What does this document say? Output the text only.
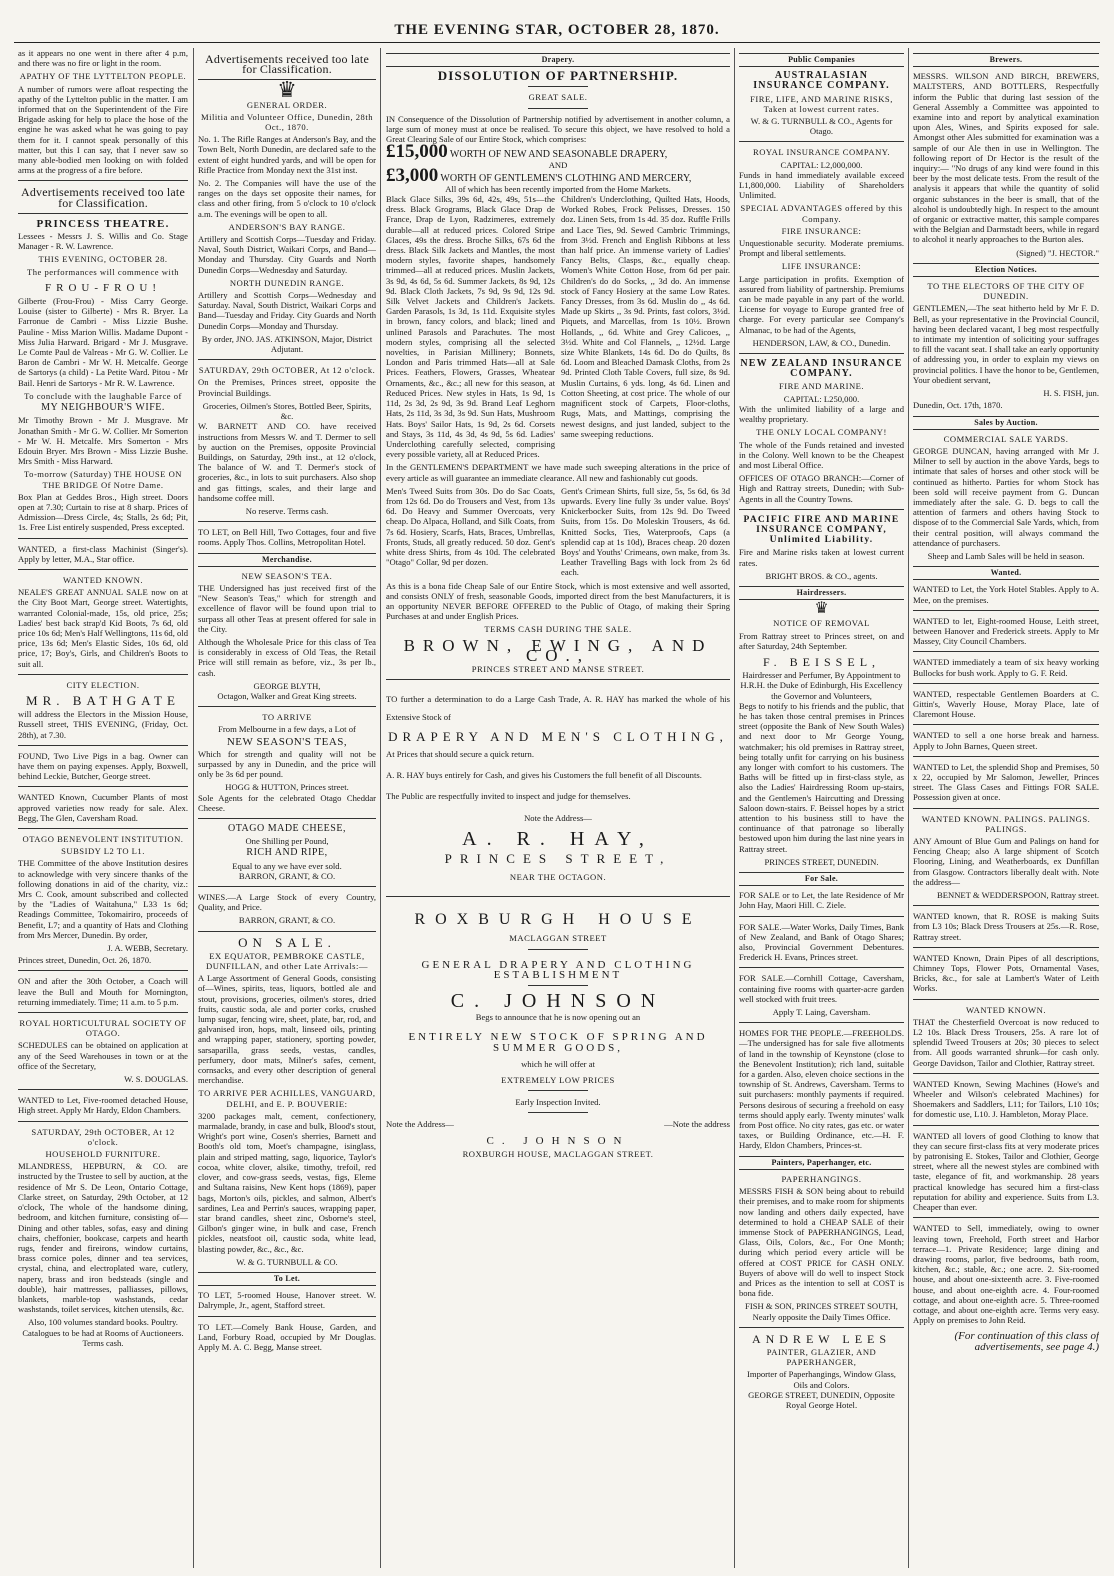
THE EVENING STAR, OCTOBER 28, 1870.

as it appears no one went in there after 4 p.m, and there was no fire or light in the room.

APATHY OF THE LYTTELTON PEOPLE.

A number of rumors were afloat respecting the apathy of the Lyttelton public in the matter. I am informed that on the Superintendent of the Fire Brigade asking for help to place the hose of the engine he was asked what he was going to pay them for it. I cannot speak personally of this matter, but this I can say, that I never saw so many able-bodied men looking on with folded arms at the progress of a fire before.

Advertisements received too late for Classification.
PRINCESS THEATRE.

Lessees - Messrs J. S. Willis and Co. Stage Manager - R. W. Lawrence.

THIS EVENING, OCTOBER 28.
The performances will commence with
FROU-FROU!

Gilberte (Frou-Frou) - Miss Carry George. Louise (sister to Gilberte) - Mrs R. Bryer. La Farronue de Cambri - Miss Lizzie Bushe. Pauline - Miss Marion Willis. Madame Dupont - Miss Julia Harward. Brigard - Mr J. Musgrave. Le Comte Paul de Valreas - Mr G. W. Collier. Le Baron de Cambri - Mr W. H. Metcalfe. George de Sartorys (a child) - La Petite Ward. Pitou - Mr Bail. Henri de Sartorys - Mr R. W. Lawrence.

To conclude with the laughable Farce of
MY NEIGHBOUR'S WIFE.

Mr Timothy Brown - Mr J. Musgrave. Mr Jonathan Smith - Mr G. W. Collier. Mr Somerton - Mr W. H. Metcalfe. Mrs Somerton - Mrs Edouin Bryer. Mrs Brown - Miss Lizzie Bushe. Mrs Smith - Miss Harward.

To-morrow (Saturday) THE HOUSE ON THE BRIDGE Of Notre Dame.

Box Plan at Geddes Bros., High street. Doors open at 7.30; Curtain to rise at 8 sharp. Prices of Admission—Dress Circle, 4s; Stalls, 2s 6d; Pit, 1s. Free List entirely suspended, Press excepted.

WANTED, a first-class Machinist (Singer's). Apply by letter, M.A., Star office.

WANTED KNOWN.

NEALE'S GREAT ANNUAL SALE now on at the City Boot Mart, George street. Watertights, warranted Colonial-made, 15s, old price, 25s; Ladies' best back strap'd Kid Boots, 7s 6d, old price 10s 6d; Men's Half Wellingtons, 11s 6d, old price, 13s 6d; Men's Elastic Sides, 10s 6d, old price, 17; Boy's, Girls, and Children's Boots to suit all.

CITY ELECTION.
MR. BATHGATE

will address the Electors in the Mission House, Russell street, THIS EVENING, (Friday, Oct. 28th), at 7.30.

FOUND, Two Live Pigs in a bag. Owner can have them on paying expenses. Apply, Boxwell, behind Leckie, Butcher, George street.

WANTED Known, Cucumber Plants of most approved varieties now ready for sale. Alex. Begg, The Glen, Caversham Road.

OTAGO BENEVOLENT INSTITUTION.
SUBSIDY L2 TO L1.

THE Committee of the above Institution desires to acknowledge with very sincere thanks of the following donations in aid of the charity, viz.: Mrs C. Cook, amount subscribed and collected by the "Ladies of Waitahuna," L33 1s 6d; Readings Committee, Tokomairiro, proceeds of Benefit, L7; and a quantity of Hats and Clothing from Mrs Mercer, Dunedin. By order,

J. A. WEBB, Secretary.

Princes street, Dunedin, Oct. 26, 1870.

ON and after the 30th October, a Coach will leave the Bull and Mouth for Mornington, returning immediately. Time; 11 a.m. to 5 p.m.

ROYAL HORTICULTURAL SOCIETY OF OTAGO.

SCHEDULES can be obtained on application at any of the Seed Warehouses in town or at the office of the Secretary,

W. S. DOUGLAS.

WANTED to Let, Five-roomed detached House, High street. Apply Mr Hardy, Eldon Chambers.

SATURDAY, 29th OCTOBER, At 12 o'clock.
HOUSEHOLD FURNITURE.

MLANDRESS, HEPBURN, & CO. are instructed by the Trustee to sell by auction, at the residence of Mr S. De Leon, Ontario Cottage, Clarke street, on Saturday, 29th October, at 12 o'clock, The whole of the handsome dining, bedroom, and kitchen furniture, consisting of—Dining and other tables, sofas, easy and dining chairs, cheffonier, bookcase, carpets and hearth rugs, fender and fireirons, window curtains, brass cornice poles, dinner and tea services, crystal, china, and electroplated ware, cutlery, napery, brass and iron bedsteads (single and double), hair mattresses, palliasses, pillows, blankets, marble-top washstands, cedar washstands, toilet services, kitchen utensils, &c.

Also, 100 volumes standard books. Poultry.
Catalogues to be had at Rooms of Auctioneers.
Terms cash.
Advertisements received too late for Classification.
♛
GENERAL ORDER.
Militia and Volunteer Office, Dunedin, 28th Oct., 1870.

No. 1. The Rifle Ranges at Anderson's Bay, and the Town Belt, North Dunedin, are declared safe to the extent of eight hundred yards, and will be open for Rifle Practice from Monday next the 31st inst.

No. 2. The Companies will have the use of the ranges on the days set opposite their names, for class and other firing, from 5 o'clock to 10 o'clock a.m. The evenings will be open to all.

ANDERSON'S BAY RANGE.

Artillery and Scottish Corps—Tuesday and Friday. Naval, South District, Waikari Corps, and Band—Monday and Thursday. City Guards and North Dunedin Corps—Wednesday and Saturday.

NORTH DUNEDIN RANGE.

Artillery and Scottish Corps—Wednesday and Saturday. Naval, South District, Waikari Corps and Band—Tuesday and Friday. City Guards and North Dunedin Corps—Monday and Thursday.

By order, JNO. JAS. ATKINSON, Major, District Adjutant.
SATURDAY, 29th OCTOBER, At 12 o'clock.

On the Premises, Princes street, opposite the Provincial Buildings.

Groceries, Oilmen's Stores, Bottled Beer, Spirits, &c.

W. BARNETT AND CO. have received instructions from Messrs W. and T. Dermer to sell by auction on the Premises, opposite Provincial Buildings, on Saturday, 29th inst., at 12 o'clock, The balance of W. and T. Dermer's stock of groceries, &c., in lots to suit purchasers. Also shop and gas fittings, scales, and their large and handsome coffee mill.

No reserve. Terms cash.

TO LET, on Bell Hill, Two Cottages, four and five rooms. Apply Thos. Collins, Metropolitan Hotel.

Merchandise.
NEW SEASON'S TEA.

THE Undersigned has just received first of the "New Season's Teas," which for strength and excellence of flavor will be found upon trial to surpass all other Teas at present offered for sale in the City.

Although the Wholesale Price for this class of Tea is considerably in excess of Old Teas, the Retail Price will still remain as before, viz., 3s per lb., cash.

GEORGE BLYTH,
Octagon, Walker and Great King streets.
TO ARRIVE
From Melbourne in a few days, a Lot of
NEW SEASON'S TEAS,

Which for strength and quality will not be surpassed by any in Dunedin, and the price will only be 3s 6d per pound.

HOGG & HUTTON, Princes street.

Sole Agents for the celebrated Otago Cheddar Cheese.

OTAGO MADE CHEESE,
One Shilling per Pound,
RICH AND RIPE,
Equal to any we have ever sold.
BARRON, GRANT, & CO.

WINES.—A Large Stock of every Country, Quality, and Price.

BARRON, GRANT, & CO.
ON SALE.
EX EQUATOR, PEMBROKE CASTLE, DUNFILLAN, and other Late Arrivals:—

A Large Assortment of General Goods, consisting of—Wines, spirits, teas, liquors, bottled ale and stout, provisions, groceries, oilmen's stores, dried fruits, caustic soda, ale and porter corks, crushed lump sugar, fencing wire, sheet, plate, bar, rod, and galvanised iron, hops, malt, linseed oils, printing and wrapping paper, stationery, sporting powder, sarsaparilla, grass seeds, vestas, candles, perfumery, door mats, Milner's safes, cement, cornsacks, and every other description of general merchandise.

TO ARRIVE PER ACHILLES, VANGUARD, DELHI, and E. P. BOUVERIE:

3200 packages malt, cement, confectionery, marmalade, brandy, in case and bulk, Blood's stout, Wright's port wine, Cosen's sherries, Barnett and Booth's old tom, Moet's champagne, isinglass, plain and striped matting, sago, liquorice, Taylor's cocoa, white clover, alsike, timothy, trefoil, red clover, and cow-grass seeds, vestas, figs, Eleme and Sultana raisins, New Kent hops (1869), paper bags, Morton's oils, pickles, and salmon, Albert's sardines, Lea and Perrin's sauces, wrapping paper, star brand candles, sheet zinc, Osborne's steel, Gilbon's ginger wine, in bulk and case, French pickles, neatsfoot oil, caustic soda, white lead, blasting powder, &c., &c., &c.

W. & G. TURNBULL & CO.
To Let.

TO LET, 5-roomed House, Hanover street. W. Dalrymple, Jr., agent, Stafford street.

TO LET.—Comely Bank House, Garden, and Land, Forbury Road, occupied by Mr Douglas. Apply M. A. C. Begg, Manse street.

Drapery.
DISSOLUTION OF PARTNERSHIP.
GREAT SALE.

IN Consequence of the Dissolution of Partnership notified by advertisement in another column, a large sum of money must at once be realised. To secure this object, we have resolved to hold a Great Clearing Sale of our Entire Stock, which comprises:

£15,000 WORTH OF NEW AND SEASONABLE DRAPERY,
AND
£3,000 WORTH OF GENTLEMEN'S CLOTHING AND MERCERY,
All of which has been recently imported from the Home Markets.

Black Glace Silks, 39s 6d, 42s, 49s, 51s—the dress. Black Grograms, Black Glace Drap de France, Drap de Lyon, Radzimeres, extremely durable—all at reduced prices. Colored Stripe Glaces, 49s the dress. Broche Silks, 67s 6d the dress. Black Silk Jackets and Mantles, the most modern styles, favorite shapes, handsomely trimmed—all at reduced prices. Muslin Jackets, 3s 9d, 4s 6d, 5s 6d. Summer Jackets, 8s 9d, 12s 9d. Black Cloth Jackets, 7s 9d, 9s 9d, 12s 9d. Silk Velvet Jackets and Children's Jackets. Garden Parasols, 1s 3d, 1s 11d. Exquisite styles in brown, fancy colors, and black; lined and unlined Parasols and Parachutes. The most modern styles, comprising all the selected novelties, in Parisian Millinery; Bonnets, London and Paris trimmed Hats—all at Sale Prices. Feathers, Flowers, Grasses, Wheatear Ornaments, &c., &c.; all new for this season, at Reduced Prices. New styles in Hats, 1s 9d, 1s 11d, 2s 3d, 2s 9d, 3s 9d. Brand Leaf Leghorn Hats, 2s 11d, 3s 3d, 3s 9d. Sun Hats, Mushroom Hats. Boys' Sailor Hats, 1s 9d, 2s 6d. Corsets and Stays, 3s 11d, 4s 3d, 4s 9d, 5s 6d. Ladies' Underclothing carefully selected, comprising every possible variety, all at Reduced Prices.

Children's Underclothing, Quilted Hats, Hoods, Worked Robes, Frock Pelisses, Dresses. 150 doz. Linen Sets, from 1s 4d. 35 doz. Ruffle Frills and Lace Ties, 9d. Sewed Cambric Trimmings, from 3½d. French and English Ribbons at less than half price. An immense variety of Ladies' Fancy Belts, Clasps, &c., equally cheap. Women's White Cotton Hose, from 6d per pair. Children's do do Socks, ,, 3d do. An immense stock of Fancy Hosiery at the same Low Rates. Fancy Dresses, from 3s 6d. Muslin do ,, 4s 6d. Made up Skirts ,, 3s 9d. Prints, fast colors, 3½d. Piquets, and Marcellas, from 1s 10½. Brown Hollands, ,, 6d. White and Grey Calicoes, ,, 3½d. White and Col Flannels, ,, 12½d. Large size White Blankets, 14s 6d. Do do Quilts, 8s 6d. Loom and Bleached Damask Cloths, from 2s 9d. Printed Cloth Table Covers, full size, 8s 9d. Muslin Curtains, 6 yds. long, 4s 6d. Linen and Cotton Sheeting, at cost price. The whole of our magnificent stock of Carpets, Floor-cloths, Rugs, Mats, and Mattings, comprising the newest designs, and just landed, subject to the same sweeping reductions.

In the GENTLEMEN'S DEPARTMENT we have made such sweeping alterations in the price of every article as will guarantee an immediate clearance. All new and fashionably cut goods.

Men's Tweed Suits from 30s. Do do Sac Coats, from 12s 6d. Do do Trousers and Vest, from 13s 6d. Do Heavy and Summer Overcoats, very cheap. Do Alpaca, Holland, and Silk Coats, from 7s 6d. Hosiery, Scarfs, Hats, Braces, Umbrellas, Fronts, Studs, all greatly reduced. 50 doz. Gent's white dress Shirts, from 4s 10d. The celebrated "Otago" Collar, 9d per dozen.

Gent's Crimean Shirts, full size, 5s, 5s 6d, 6s 3d upwards. Every line fully 3s under value. Boys' Knickerbocker Suits, from 12s 9d. Do Tweed Suits, from 15s. Do Moleskin Trousers, 4s 6d. Knitted Socks, Ties, Waterproofs, Caps (a splendid cap at 1s 10d), Braces cheap. 20 dozen Boys' and Youths' Crimeans, own make, from 3s. Leather Travelling Bags with lock from 2s 6d each.

As this is a bona fide Cheap Sale of our Entire Stock, which is most extensive and well assorted, and consists ONLY of fresh, seasonable Goods, imported direct from the best Manufacturers, it is an opportunity NEVER BEFORE OFFERED to the Public of Otago, of making their Spring Purchases at and under English Prices.

TERMS CASH DURING THE SALE.
BROWN, EWING, AND CO.,
PRINCES STREET AND MANSE STREET.

TO further a determination to do a Large Cash Trade, A. R. HAY has marked the whole of his Extensive Stock of

DRAPERY AND MEN'S CLOTHING,

At Prices that should secure a quick return.

A. R. HAY buys entirely for Cash, and gives his Customers the full benefit of all Discounts.

The Public are respectfully invited to inspect and judge for themselves.

Note the Address—
A. R. HAY,
PRINCES STREET,
NEAR THE OCTAGON.
ROXBURGH HOUSE
MACLAGGAN STREET
GENERAL DRAPERY AND CLOTHING ESTABLISHMENT
C. JOHNSON
Begs to announce that he is now opening out an
ENTIRELY NEW STOCK OF SPRING AND SUMMER GOODS,
which he will offer at
EXTREMELY LOW PRICES
Early Inspection Invited.
Note the Address—	—Note the address
C. JOHNSON
ROXBURGH HOUSE, MACLAGGAN STREET.
Public Companies
AUSTRALASIAN INSURANCE COMPANY.
FIRE, LIFE, AND MARINE RISKS, Taken at lowest current rates.
W. & G. TURNBULL & CO., Agents for Otago.
ROYAL INSURANCE COMPANY.
CAPITAL: L2,000,000.

Funds in hand immediately available exceed L1,800,000. Liability of Shareholders Unlimited.

SPECIAL ADVANTAGES offered by this Company.
FIRE INSURANCE:

Unquestionable security. Moderate premiums. Prompt and liberal settlements.

LIFE INSURANCE:

Large participation in profits. Exemption of assured from liability of partnership. Premiums can be made payable in any part of the world. License for voyage to Europe granted free of charge. For every particular see Company's Almanac, to be had of the Agents,

HENDERSON, LAW, & CO., Dunedin.
NEW ZEALAND INSURANCE COMPANY.
FIRE AND MARINE.
CAPITAL: L250,000.

With the unlimited liability of a large and wealthy proprietary.

THE ONLY LOCAL COMPANY!

The whole of the Funds retained and invested in the Colony. Well known to be the Cheapest and most Liberal Office.

OFFICES OF OTAGO BRANCH:—Corner of High and Rattray streets, Dunedin; with Sub-Agents in all the Country Towns.

PACIFIC FIRE AND MARINE INSURANCE COMPANY, Unlimited Liability.

Fire and Marine risks taken at lowest current rates.

BRIGHT BROS. & CO., agents.
Hairdressers.
♛
NOTICE OF REMOVAL

From Rattray street to Princes street, on and after Saturday, 24th September.

F. BEISSEL,
Hairdresser and Perfumer, By Appointment to H.R.H. the Duke of Edinburgh, His Excellency the Governor and Volunteers,

Begs to notify to his friends and the public, that he has taken those central premises in Princes street (opposite the Bank of New South Wales) and next door to Mr George Young, watchmaker; his old premises in Rattray street, being totally unfit for carrying on his business any longer with comfort to his customers. The Baths will be fitted up in first-class style, as also the Ladies' Hairdressing Room up-stairs, and the Gentlemen's Haircutting and Dressing Saloon down-stairs. F. Beissel hopes by a strict attention to his business still to have the continuance of that patronage so liberally bestowed upon him during the last nine years in Rattray street.

PRINCES STREET, DUNEDIN.
For Sale.

FOR SALE or to Let, the late Residence of Mr John Hay, Maori Hill. C. Ziele.

FOR SALE.—Water Works, Daily Times, Bank of New Zealand, and Bank of Otago Shares; also, Provincial Government Debentures. Frederick H. Evans, Princes street.

FOR SALE.—Cornhill Cottage, Caversham, containing five rooms with quarter-acre garden well stocked with fruit trees.

Apply T. Laing, Caversham.

HOMES FOR THE PEOPLE.—FREEHOLDS.—The undersigned has for sale five allotments of land in the township of Keynstone (close to the Benevolent Institution); rich land, suitable for a garden. Also, eleven choice sections in the township of St. Andrews, Caversham. Terms to suit purchasers: monthly payments if required. Persons desirous of securing a freehold on easy terms should apply early. Twenty minutes' walk from Post office. No city rates, gas etc. or water taxes, or Building Ordinance, etc.—H. F. Hardy, Eldon Chambers, Princes-st.

Painters, Paperhanger, etc.
PAPERHANGINGS.

MESSRS FISH & SON being about to rebuild their premises, and to make room for shipments now landing and others daily expected, have determined to hold a CHEAP SALE of their immense Stock of PAPERHANGINGS, Lead, Glass, Oils, Colors, &c., For One Month; during which period every article will be offered at COST PRICE for CASH ONLY. Buyers of above will do well to inspect Stock and Prices as the intention to sell at COST is bona fide.

FISH & SON, PRINCES STREET SOUTH, Nearly opposite the Daily Times Office.
ANDREW LEES
PAINTER, GLAZIER, AND PAPERHANGER,
Importer of Paperhangings, Window Glass, Oils and Colors.
GEORGE STREET, DUNEDIN, Opposite Royal George Hotel.
Brewers.

MESSRS. WILSON AND BIRCH, BREWERS, MALTSTERS, AND BOTTLERS, Respectfully inform the Public that during last session of the General Assembly a Committee was appointed to examine into and report by analytical examination upon Ales, Wines, and Spirits exposed for sale. Amongst other Ales submitted for examination was a sample of our Ale then in use in Wellington. The following report of Dr Hector is the result of the inquiry:— "No drugs of any kind were found in this beer by the most delicate tests. From the result of the analysis it appears that while the quantity of solid organic substances in the beer is small, that of the alcohol is undoubtedly high. In respect to the amount of organic or extractive matter, this sample compares with the Belgian and Darmstadt beers, while in regard to alcohol it nearly approaches to the Burton ales.

(Signed) "J. HECTOR."
Election Notices.
TO THE ELECTORS OF THE CITY OF DUNEDIN.

GENTLEMEN,—The seat hitherto held by Mr F. D. Bell, as your representative in the Provincial Council, having been declared vacant, I beg most respectfully to intimate my intention of soliciting your suffrages to fill the vacant seat. I shall take an early opportunity of addressing you, in order to explain my views on provincial politics. I have the honor to be, Gentlemen, Your obedient servant,

H. S. FISH, jun.

Dunedin, Oct. 17th, 1870.

Sales by Auction.
COMMERCIAL SALE YARDS.

GEORGE DUNCAN, having arranged with Mr J. Milner to sell by auction in the above Yards, begs to intimate that sales of horses and other stock will be continued as hitherto. Parties for whom Stock has been sold will receive payment from G. Duncan immediately after the sale. G. D. begs to call the attention of farmers and others having Stock to dispose of to the Commercial Sale Yards, which, from their central position, will always command the attendance of purchasers.

Sheep and Lamb Sales will be held in season.
Wanted.

WANTED to Let, the York Hotel Stables. Apply to A. Mee, on the premises.

WANTED to let, Eight-roomed House, Leith street, between Hanover and Frederick streets. Apply to Mr Massey, City Council Chambers.

WANTED immediately a team of six heavy working Bullocks for bush work. Apply to G. F. Reid.

WANTED, respectable Gentlemen Boarders at C. Gittin's, Waverly House, Moray Place, late of Claremont House.

WANTED to sell a one horse break and harness. Apply to John Barnes, Queen street.

WANTED to Let, the splendid Shop and Premises, 50 x 22, occupied by Mr Salomon, Jeweller, Princes street. The Glass Cases and Fittings FOR SALE. Possession given at once.

WANTED KNOWN. PALINGS. PALINGS. PALINGS.

ANY Amount of Blue Gum and Palings on hand for Fencing Cheap; also A large shipment of Scotch Flooring, Lining, and Weatherboards, ex Dunfillan from Glasgow. Contractors liberally dealt with. Note the address—

BENNET & WEDDERSPOON, Rattray street.

WANTED known, that R. ROSE is making Suits from L3 10s; Black Dress Trousers at 25s.—R. Rose, Rattray street.

WANTED Known, Drain Pipes of all descriptions, Chimney Tops, Flower Pots, Ornamental Vases, Bricks, &c., for sale at Lambert's Water of Leith Works.

WANTED KNOWN.

THAT the Chesterfield Overcoat is now reduced to L2 10s. Black Dress Trousers, 25s. A rare lot of splendid Tweed Trousers at 20s; 30 pieces to select from. All goods warranted shrunk—for cash only. George Davidson, Tailor and Clothier, Rattray street.

WANTED Known, Sewing Machines (Howe's and Wheeler and Wilson's celebrated Machines) for Shoemakers and Saddlers, L11; for Tailors, L10 10s; for domestic use, L10. J. Hambleton, Moray Place.

WANTED all lovers of good Clothing to know that they can secure first-class fits at very moderate prices by patronising E. Stokes, Tailor and Clothier, George street, where all the newest styles are combined with taste, elegance of fit, and workmanship. 28 years practical knowledge has secured him a first-class reputation for ability and experience. Suits from L3. Cheaper than ever.

WANTED to Sell, immediately, owing to owner leaving town, Freehold, Forth street and Harbor terrace—1. Private Residence; large dining and drawing rooms, parlor, five bedrooms, bath room, kitchen, &c.; stable, &c.; one acre. 2. Six-roomed house, and about one-sixteenth acre. 3. Five-roomed house, and about one-eighth acre. 4. Four-roomed cottage, and about one-eighth acre. 5. Three-roomed cottage, and about one-eighth acre. Terms very easy. Apply on premises to John Reid.

(For continuation of this class of advertisements, see page 4.)
